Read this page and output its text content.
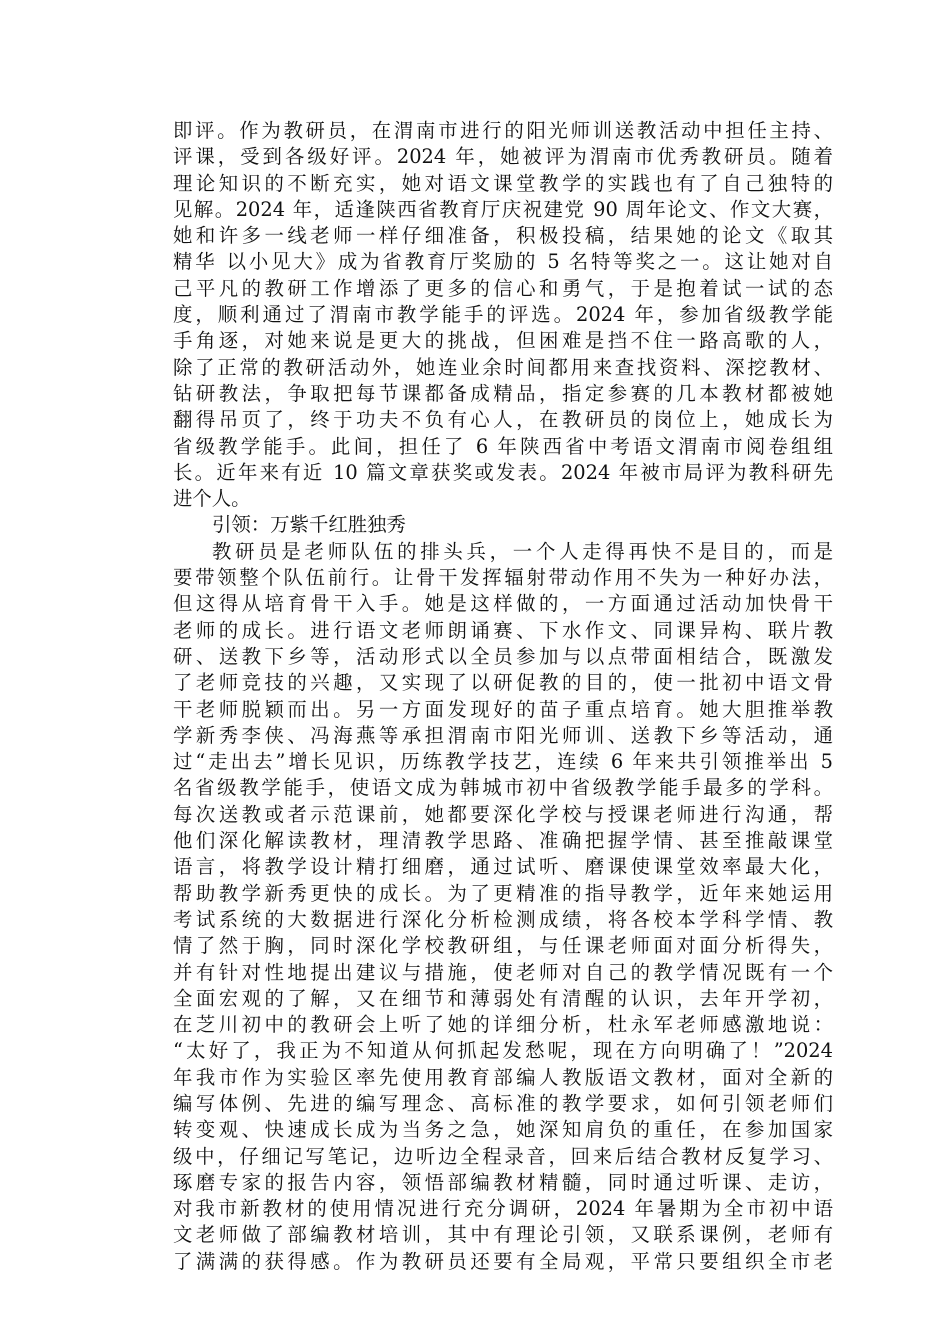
即评。作为教研员，在渭南市进行的阳光师训送教活动中担任主持、
评课，受到各级好评。2024 年，她被评为渭南市优秀教研员。随着
理论知识的不断充实，她对语文课堂教学的实践也有了自己独特的
见解。2024 年，适逢陕西省教育厅庆祝建党 90 周年论文、作文大赛，
她和许多一线老师一样仔细准备，积极投稿，结果她的论文《取其
精华 以小见大》成为省教育厅奖励的 5 名特等奖之一。这让她对自
己平凡的教研工作增添了更多的信心和勇气，于是抱着试一试的态
度，顺利通过了渭南市教学能手的评选。2024 年，参加省级教学能
手角逐，对她来说是更大的挑战，但困难是挡不住一路高歌的人，
除了正常的教研活动外，她连业余时间都用来查找资料、深挖教材、
钻研教法，争取把每节课都备成精品，指定参赛的几本教材都被她
翻得吊页了，终于功夫不负有心人，在教研员的岗位上，她成长为
省级教学能手。此间，担任了 6 年陕西省中考语文渭南市阅卷组组
长。近年来有近 10 篇文章获奖或发表。2024 年被市局评为教科研先
进个人。
引领：万紫千红胜独秀
教研员是老师队伍的排头兵，一个人走得再快不是目的，而是
要带领整个队伍前行。让骨干发挥辐射带动作用不失为一种好办法，
但这得从培育骨干入手。她是这样做的，一方面通过活动加快骨干
老师的成长。进行语文老师朗诵赛、下水作文、同课异构、联片教
研、送教下乡等，活动形式以全员参加与以点带面相结合，既激发
了老师竞技的兴趣，又实现了以研促教的目的，使一批初中语文骨
干老师脱颖而出。另一方面发现好的苗子重点培育。她大胆推举教
学新秀李侠、冯海燕等承担渭南市阳光师训、送教下乡等活动，通
过“走出去”增长见识，历练教学技艺，连续 6 年来共引领推举出 5
名省级教学能手，使语文成为韩城市初中省级教学能手最多的学科。
每次送教或者示范课前，她都要深化学校与授课老师进行沟通，帮
他们深化解读教材，理清教学思路、准确把握学情、甚至推敲课堂
语言，将教学设计精打细磨，通过试听、磨课使课堂效率最大化，
帮助教学新秀更快的成长。为了更精准的指导教学，近年来她运用
考试系统的大数据进行深化分析检测成绩，将各校本学科学情、教
情了然于胸，同时深化学校教研组，与任课老师面对面分析得失，
并有针对性地提出建议与措施，使老师对自己的教学情况既有一个
全面宏观的了解，又在细节和薄弱处有清醒的认识，去年开学初，
在芝川初中的教研会上听了她的详细分析，杜永军老师感激地说：
“太好了，我正为不知道从何抓起发愁呢，现在方向明确了！”2024
年我市作为实验区率先使用教育部编人教版语文教材，面对全新的
编写体例、先进的编写理念、高标准的教学要求，如何引领老师们
转变观、快速成长成为当务之急，她深知肩负的重任，在参加国家
级中，仔细记写笔记，边听边全程录音，回来后结合教材反复学习、
琢磨专家的报告内容，领悟部编教材精髓，同时通过听课、走访，
对我市新教材的使用情况进行充分调研，2024 年暑期为全市初中语
文老师做了部编教材培训，其中有理论引领，又联系课例，老师有
了满满的获得感。作为教研员还要有全局观，平常只要组织全市老
